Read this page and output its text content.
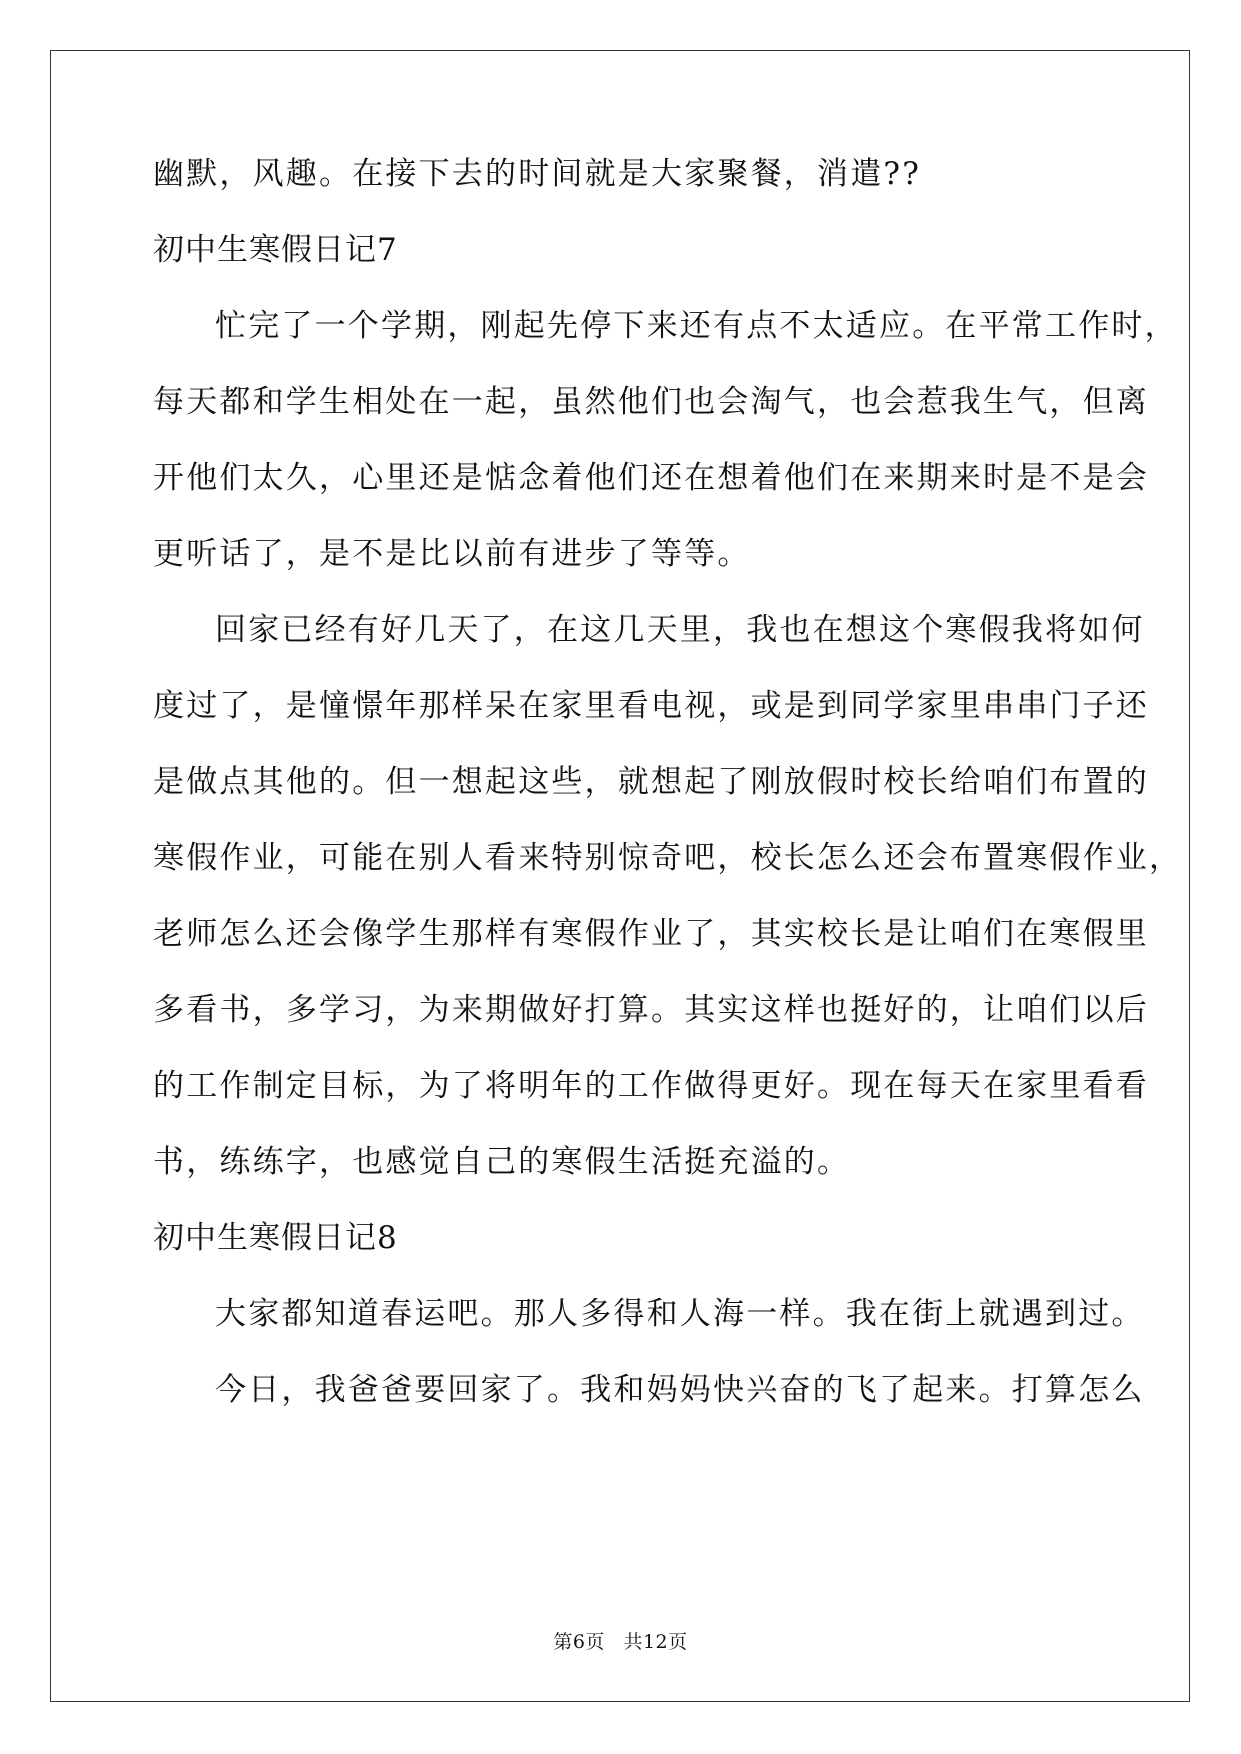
幽默，风趣。在接下去的时间就是大家聚餐，消遣??
初中生寒假日记7
忙完了一个学期，刚起先停下来还有点不太适应。在平常工作时，
每天都和学生相处在一起，虽然他们也会淘气，也会惹我生气，但离
开他们太久，心里还是惦念着他们还在想着他们在来期来时是不是会
更听话了，是不是比以前有进步了等等。
回家已经有好几天了，在这几天里，我也在想这个寒假我将如何
度过了，是憧憬年那样呆在家里看电视，或是到同学家里串串门子还
是做点其他的。但一想起这些，就想起了刚放假时校长给咱们布置的
寒假作业，可能在别人看来特别惊奇吧，校长怎么还会布置寒假作业，
老师怎么还会像学生那样有寒假作业了，其实校长是让咱们在寒假里
多看书，多学习，为来期做好打算。其实这样也挺好的，让咱们以后
的工作制定目标，为了将明年的工作做得更好。现在每天在家里看看
书，练练字，也感觉自己的寒假生活挺充溢的。
初中生寒假日记8
大家都知道春运吧。那人多得和人海一样。我在街上就遇到过。
今日，我爸爸要回家了。我和妈妈快兴奋的飞了起来。打算怎么
第6页 共12页
